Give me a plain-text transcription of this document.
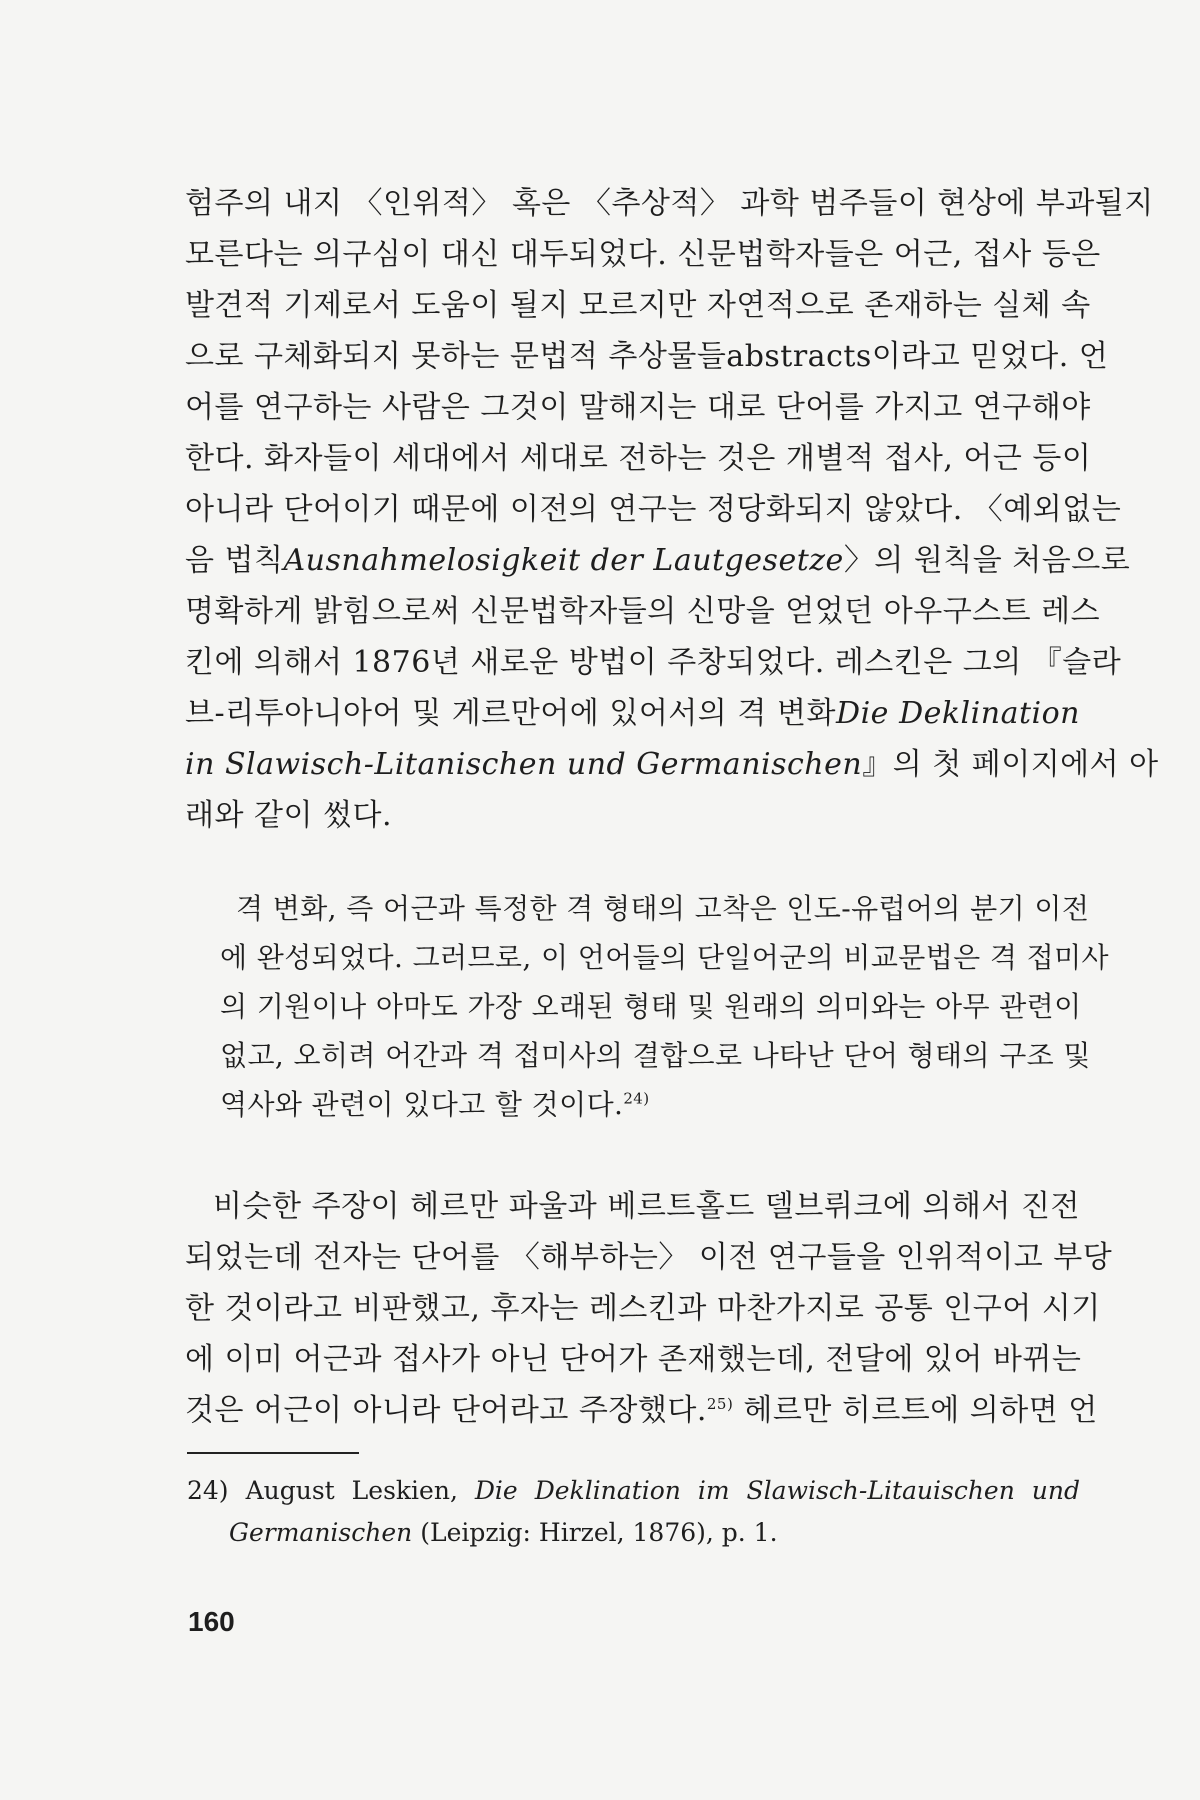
험주의 내지 〈인위적〉 혹은 〈추상적〉 과학 범주들이 현상에 부과될지
모른다는 의구심이 대신 대두되었다. 신문법학자들은 어근, 접사 등은
발견적 기제로서 도움이 될지 모르지만 자연적으로 존재하는 실체 속
으로 구체화되지 못하는 문법적 추상물들abstracts이라고 믿었다. 언
어를 연구하는 사람은 그것이 말해지는 대로 단어를 가지고 연구해야
한다. 화자들이 세대에서 세대로 전하는 것은 개별적 접사, 어근 등이
아니라 단어이기 때문에 이전의 연구는 정당화되지 않았다. 〈예외없는
음 법칙Ausnahmelosigkeit der Lautgesetze〉의 원칙을 처음으로
명확하게 밝힘으로써 신문법학자들의 신망을 얻었던 아우구스트 레스
킨에 의해서 1876년 새로운 방법이 주창되었다. 레스킨은 그의 『슬라
브-리투아니아어 및 게르만어에 있어서의 격 변화Die Deklination
in Slawisch-Litanischen und Germanischen』의 첫 페이지에서 아
래와 같이 썼다.
격 변화, 즉 어근과 특정한 격 형태의 고착은 인도-유럽어의 분기 이전
에 완성되었다. 그러므로, 이 언어들의 단일어군의 비교문법은 격 접미사
의 기원이나 아마도 가장 오래된 형태 및 원래의 의미와는 아무 관련이
없고, 오히려 어간과 격 접미사의 결합으로 나타난 단어 형태의 구조 및
역사와 관련이 있다고 할 것이다.$^{24)}$
비슷한 주장이 헤르만 파울과 베르트홀드 델브뤼크에 의해서 진전
되었는데 전자는 단어를 〈해부하는〉 이전 연구들을 인위적이고 부당
한 것이라고 비판했고, 후자는 레스킨과 마찬가지로 공통 인구어 시기
에 이미 어근과 접사가 아닌 단어가 존재했는데, 전달에 있어 바뀌는
것은 어근이 아니라 단어라고 주장했다.$^{25)}$ 헤르만 히르트에 의하면 언
24) August Leskien, Die Deklination im Slawisch-Litauischen und
Germanischen (Leipzig: Hirzel, 1876), p. 1.
160
